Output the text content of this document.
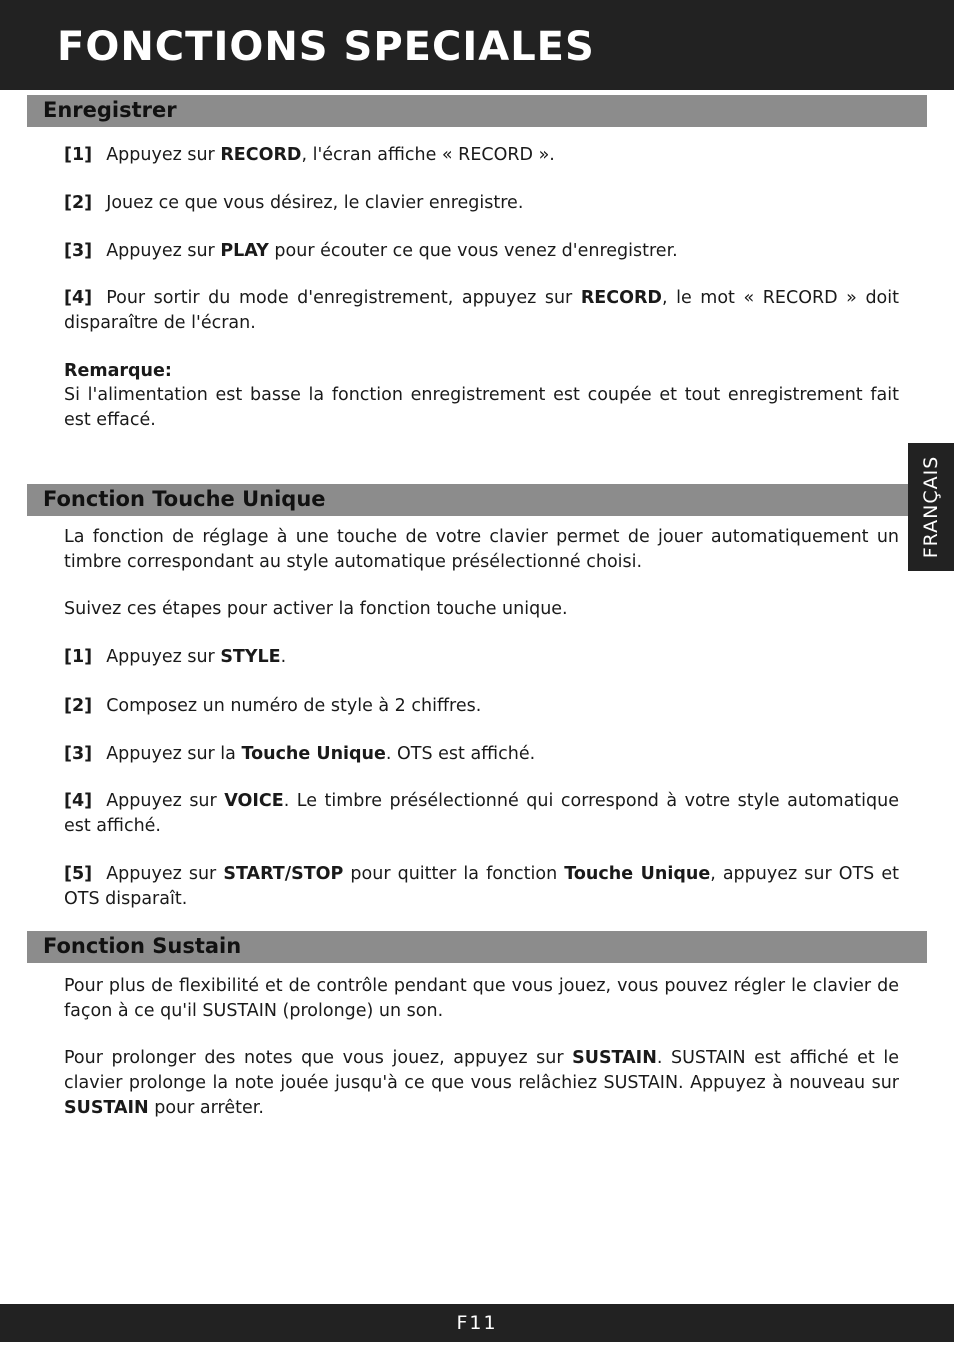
FONCTIONS SPECIALES
Enregistrer

[1] Appuyez sur RECORD, l'écran affiche « RECORD ».

[2] Jouez ce que vous désirez, le clavier enregistre.

[3] Appuyez sur PLAY pour écouter ce que vous venez d'enregistrer.

[4] Pour sortir du mode d'enregistrement, appuyez sur RECORD, le mot « RECORD » doit disparaître de l'écran.

Remarque:
Si l'alimentation est basse la fonction enregistrement est coupée et tout enregistrement fait est effacé.

Fonction Touche Unique

La fonction de réglage à une touche de votre clavier permet de jouer automatiquement un timbre correspondant au style automatique présélectionné choisi.

Suivez ces étapes pour activer la fonction touche unique.

[1] Appuyez sur STYLE.

[2] Composez un numéro de style à 2 chiffres.

[3] Appuyez sur la Touche Unique. OTS est affiché.

[4] Appuyez sur VOICE. Le timbre présélectionné qui correspond à votre style automatique est affiché.

[5] Appuyez sur START/STOP pour quitter la fonction Touche Unique, appuyez sur OTS et OTS disparaît.

Fonction Sustain

Pour plus de flexibilité et de contrôle pendant que vous jouez, vous pouvez régler le clavier de façon à ce qu'il SUSTAIN (prolonge) un son.

Pour prolonger des notes que vous jouez, appuyez sur SUSTAIN. SUSTAIN est affiché et le clavier prolonge la note jouée jusqu'à ce que vous relâchiez SUSTAIN. Appuyez à nouveau sur SUSTAIN pour arrêter.

FRANÇAIS
F11
